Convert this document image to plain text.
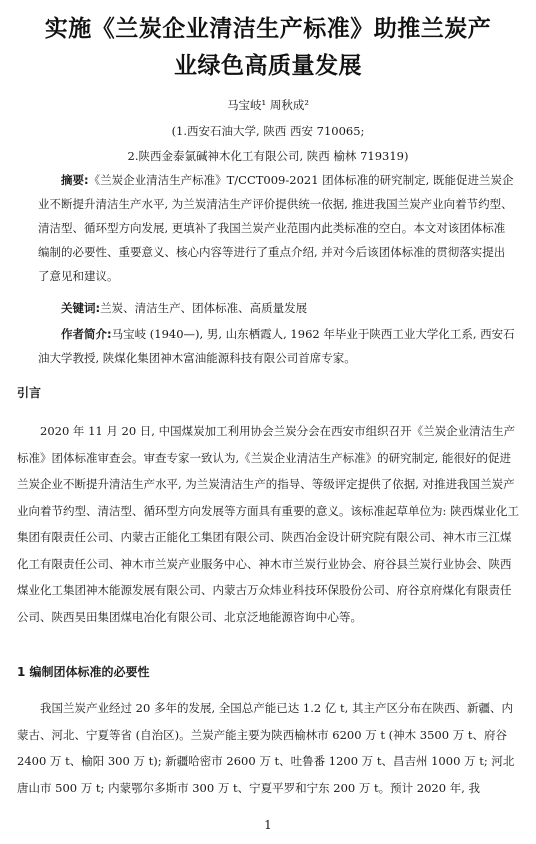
实施《兰炭企业清洁生产标准》助推兰炭产
业绿色高质量发展
马宝岐¹ 周秋成²
(1.西安石油大学, 陕西 西安 710065;
2.陕西金泰氯碱神木化工有限公司, 陕西 榆林 719319)
摘要:《兰炭企业清洁生产标准》T/CCT009-2021 团体标准的研究制定, 既能促进兰炭企业不断提升清洁生产水平, 为兰炭清洁生产评价提供统一依据, 推进我国兰炭产业向着节约型、清洁型、循环型方向发展, 更填补了我国兰炭产业范围内此类标准的空白。本文对该团体标准编制的必要性、重要意义、核心内容等进行了重点介绍, 并对今后该团体标准的贯彻落实提出了意见和建议。
关键词:兰炭、清洁生产、团体标准、高质量发展
作者简介:马宝岐 (1940—), 男, 山东栖霞人, 1962 年毕业于陕西工业大学化工系, 西安石油大学教授, 陕煤化集团神木富油能源科技有限公司首席专家。
引言
2020 年 11 月 20 日, 中国煤炭加工利用协会兰炭分会在西安市组织召开《兰炭企业清洁生产标准》团体标准审查会。审查专家一致认为,《兰炭企业清洁生产标准》的研究制定, 能很好的促进兰炭企业不断提升清洁生产水平, 为兰炭清洁生产的指导、等级评定提供了依据, 对推进我国兰炭产业向着节约型、清洁型、循环型方向发展等方面具有重要的意义。该标准起草单位为: 陕西煤业化工集团有限责任公司、内蒙古正能化工集团有限公司、陕西冶金设计研究院有限公司、神木市三江煤化工有限责任公司、神木市兰炭产业服务中心、神木市兰炭行业协会、府谷县兰炭行业协会、陕西煤业化工集团神木能源发展有限公司、内蒙古万众炜业科技环保股份公司、府谷京府煤化有限责任公司、陕西昊田集团煤电冶化有限公司、北京泛地能源咨询中心等。
1 编制团体标准的必要性
我国兰炭产业经过 20 多年的发展, 全国总产能已达 1.2 亿 t, 其主产区分布在陕西、新疆、内蒙古、河北、宁夏等省 (自治区)。兰炭产能主要为陕西榆林市 6200 万 t (神木 3500 万 t、府谷 2400 万 t、榆阳 300 万 t); 新疆哈密市 2600 万 t、吐鲁番 1200 万 t、昌吉州 1000 万 t; 河北唐山市 500 万 t; 内蒙鄂尔多斯市 300 万 t、宁夏平罗和宁东 200 万 t。预计 2020 年, 我
1
